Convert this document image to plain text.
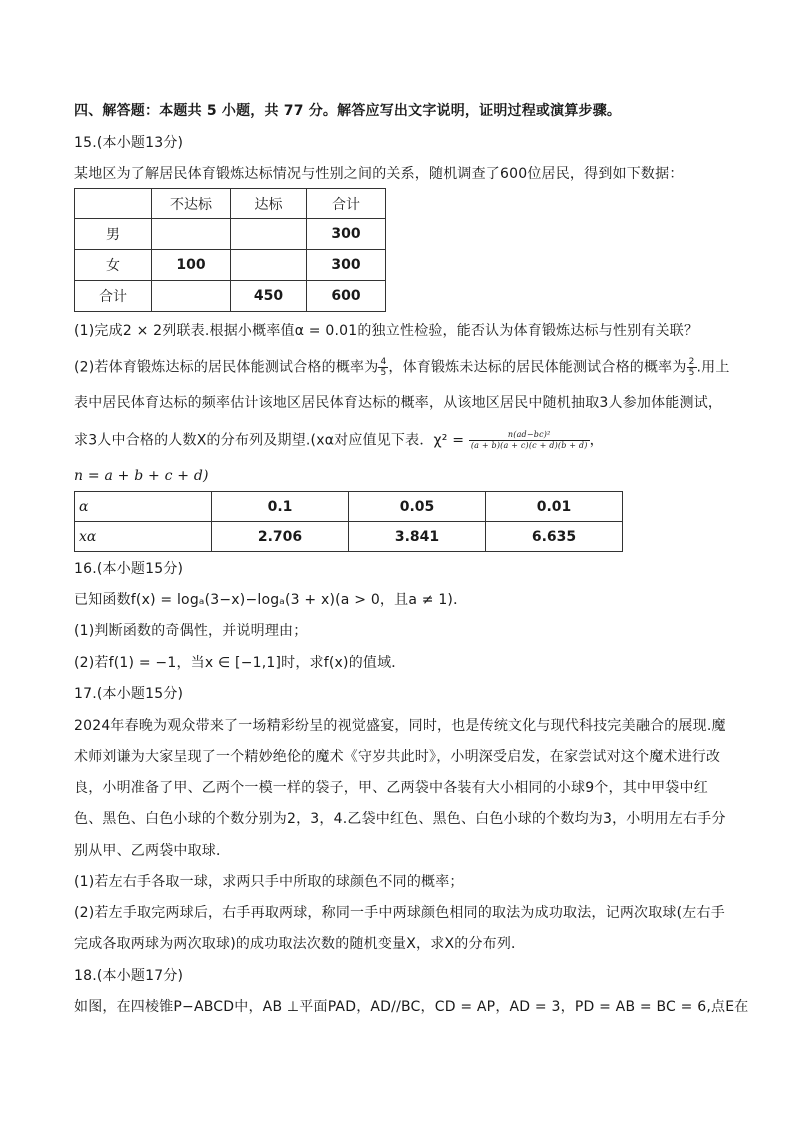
四、解答题：本题共 5 小题，共 77 分。解答应写出文字说明，证明过程或演算步骤。
15.(本小题13分)
某地区为了解居民体育锻炼达标情况与性别之间的关系，随机调查了600位居民，得到如下数据：
	不达标	达标	合计
男			300
女	100		300
合计		450	600
(1)完成2 × 2列联表.根据小概率值α = 0.01的独立性检验，能否认为体育锻炼达标与性别有关联？
(2)若体育锻炼达标的居民体能测试合格的概率为 $\frac{4}{5}$ ，体育锻炼未达标的居民体能测试合格的概率为 $\frac{2}{5}$ .用上
表中居民体育达标的频率估计该地区居民体育达标的概率，从该地区居民中随机抽取3人参加体能测试，
求3人中合格的人数X的分布列及期望.(xα对应值见下表．$\chi^2 = \frac{\text{n(ad−bc)²}}{(a + b)(a + c)(c + d)(b + d)}$ ，
n = a + b + c + d)
α	0.1	0.05	0.01
xα	2.706	3.841	6.635
16.(本小题15分)
已知函数f(x) = logₐ(3−x)−logₐ(3 + x)(a > 0，且a ≠ 1)．
(1)判断函数的奇偶性，并说明理由；
(2)若f(1) = −1，当x ∈ [−1,1]时，求f(x)的值域．
17.(本小题15分)
2024年春晚为观众带来了一场精彩纷呈的视觉盛宴，同时，也是传统文化与现代科技完美融合的展现.魔
术师刘谦为大家呈现了一个精妙绝伦的魔术《守岁共此时》，小明深受启发，在家尝试对这个魔术进行改
良，小明准备了甲、乙两个一模一样的袋子，甲、乙两袋中各装有大小相同的小球9个，其中甲袋中红
色、黑色、白色小球的个数分别为2，3，4.乙袋中红色、黑色、白色小球的个数均为3，小明用左右手分
别从甲、乙两袋中取球．
(1)若左右手各取一球，求两只手中所取的球颜色不同的概率；
(2)若左手取完两球后，右手再取两球，称同一手中两球颜色相同的取法为成功取法，记两次取球(左右手
完成各取两球为两次取球)的成功取法次数的随机变量X，求X的分布列．
18.(本小题17分)
如图，在四棱锥P−ABCD中，AB ⊥平面PAD，AD//BC，CD = AP，AD = 3，PD = AB = BC = 6,点E在
